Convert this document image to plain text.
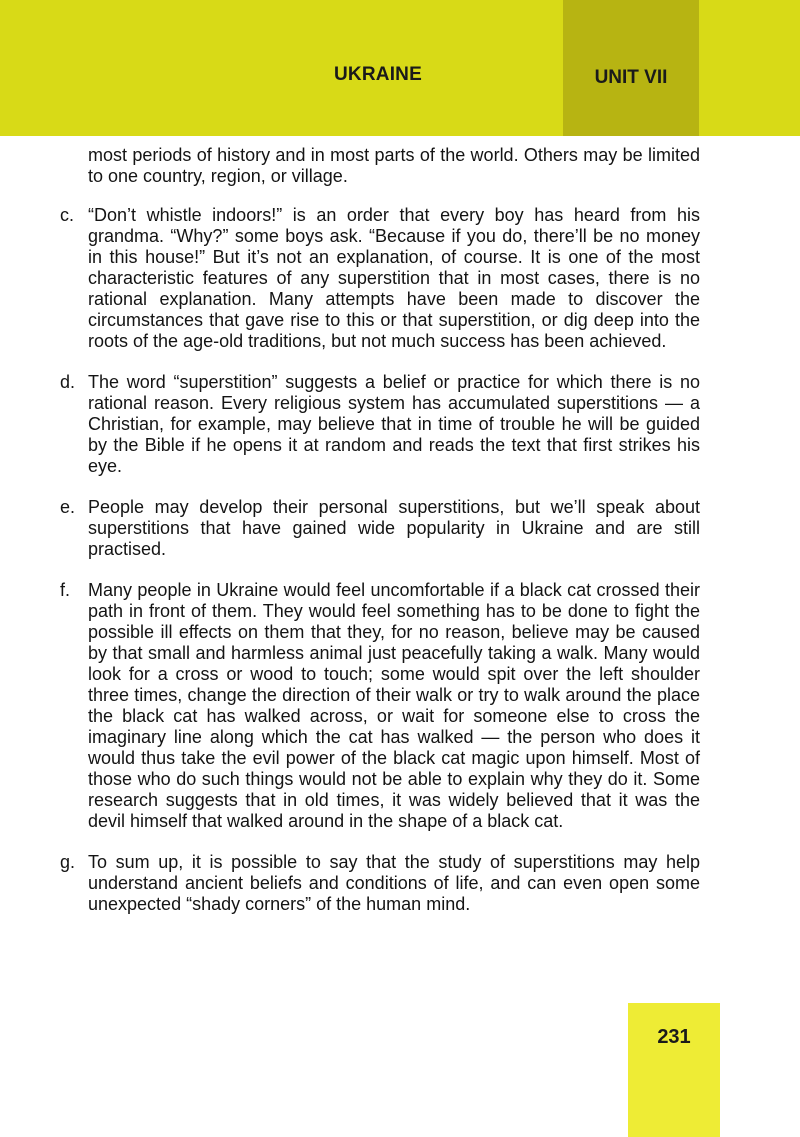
UKRAINE	UNIT VII

most periods of history and in most parts of the world. Others may be limited to one country, region, or village.

c. “Don’t whistle indoors!” is an order that every boy has heard from his grandma. “Why?” some boys ask. “Because if you do, there’ll be no money in this house!” But it’s not an explanation, of course. It is one of the most characteristic features of any superstition that in most cases, there is no rational explanation. Many attempts have been made to discover the circumstances that gave rise to this or that superstition, or dig deep into the roots of the age-old traditions, but not much success has been achieved.

d. The word “superstition” suggests a belief or practice for which there is no rational reason. Every religious system has accumulated superstitions — a Christian, for example, may believe that in time of trouble he will be guided by the Bible if he opens it at random and reads the text that first strikes his eye.

e. People may develop their personal superstitions, but we’ll speak about superstitions that have gained wide popularity in Ukraine and are still practised.

f. Many people in Ukraine would feel uncomfortable if a black cat crossed their path in front of them. They would feel something has to be done to fight the possible ill effects on them that they, for no reason, believe may be caused by that small and harmless animal just peacefully taking a walk. Many would look for a cross or wood to touch; some would spit over the left shoulder three times, change the direction of their walk or try to walk around the place the black cat has walked across, or wait for someone else to cross the imaginary line along which the cat has walked — the person who does it would thus take the evil power of the black cat magic upon himself. Most of those who do such things would not be able to explain why they do it. Some research suggests that in old times, it was widely believed that it was the devil himself that walked around in the shape of a black cat.

g. To sum up, it is possible to say that the study of superstitions may help understand ancient beliefs and conditions of life, and can even open some unexpected “shady corners” of the human mind.

231
